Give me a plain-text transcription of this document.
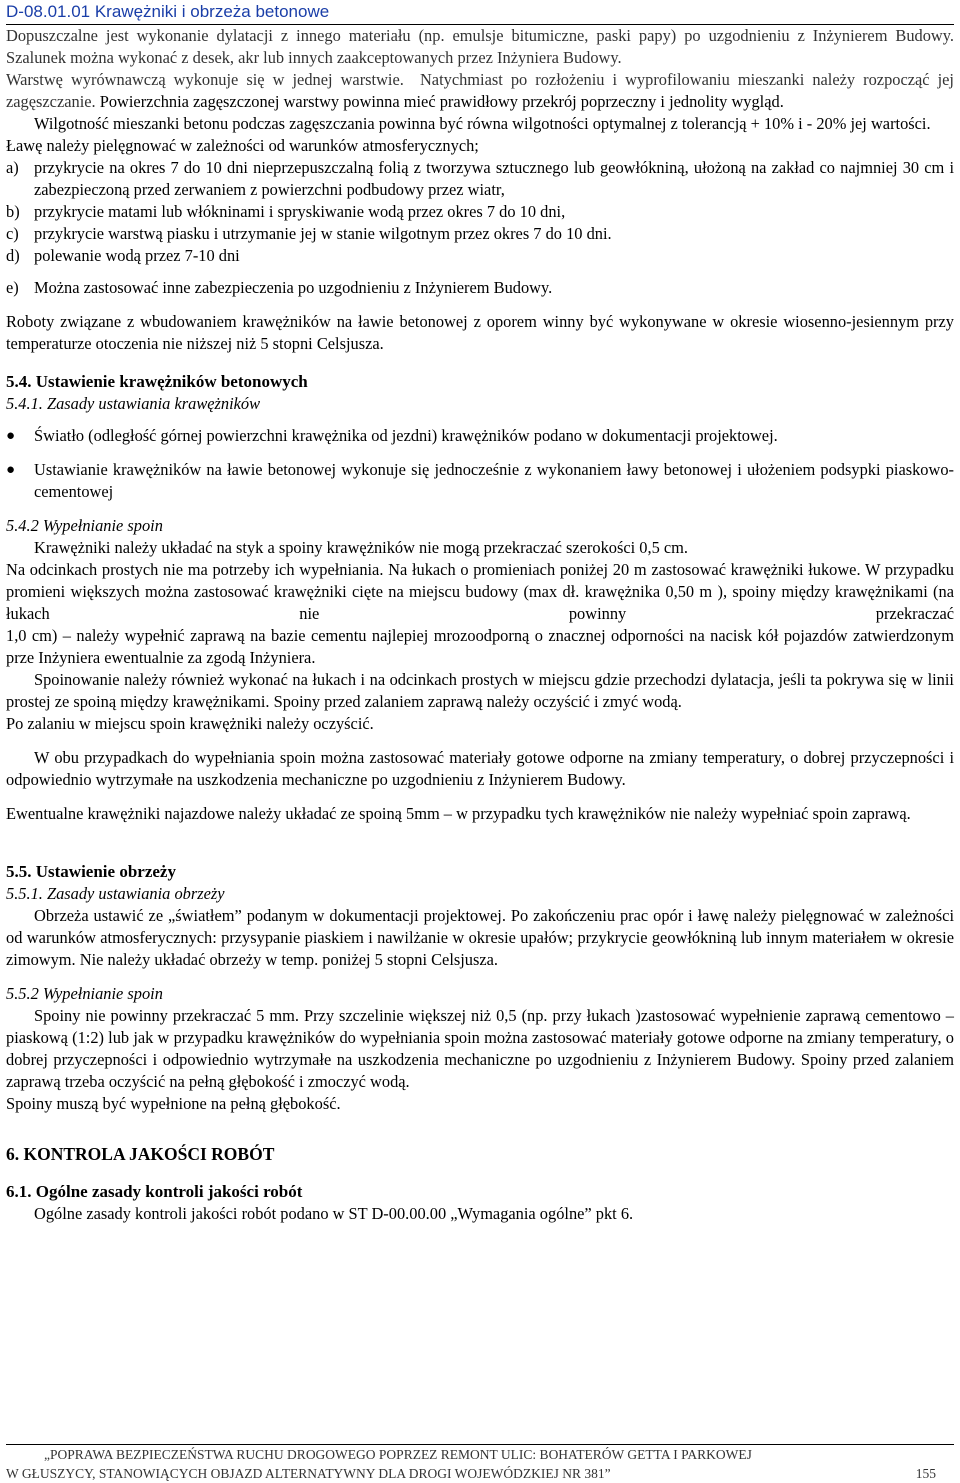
D-08.01.01 Krawężniki i obrzeża betonowe

Dopuszczalne jest wykonanie dylatacji z innego materiału (np. emulsje bitumiczne, paski papy) po uzgodnieniu z Inżynierem Budowy. Szalunek można wykonać z desek, akr lub innych zaakceptowanych przez Inżyniera Budowy.

Warstwę wyrównawczą wykonuje się w jednej warstwie. Natychmiast po rozłożeniu i wyprofilowaniu mieszanki należy rozpocząć jej zagęszczanie. Powierzchnia zagęszczonej warstwy powinna mieć prawidłowy przekrój poprzeczny i jednolity wygląd.

Wilgotność mieszanki betonu podczas zagęszczania powinna być równa wilgotności optymalnej z tolerancją + 10% i - 20% jej wartości.

Ławę należy pielęgnować w zależności od warunków atmosferycznych;

a) przykrycie na okres 7 do 10 dni nieprzepuszczalną folią z tworzywa sztucznego lub geowłókniną, ułożoną na zakład co najmniej 30 cm i zabezpieczoną przed zerwaniem z powierzchni podbudowy przez wiatr,
b) przykrycie matami lub włókninami i spryskiwanie wodą przez okres 7 do 10 dni,
c) przykrycie warstwą piasku i utrzymanie jej w stanie wilgotnym przez okres 7 do 10 dni.
d) polewanie wodą przez 7-10 dni
e) Można zastosować inne zabezpieczenia po uzgodnieniu z Inżynierem Budowy.

Roboty związane z wbudowaniem krawężników na ławie betonowej z oporem winny być wykonywane w okresie wiosenno-jesiennym przy temperaturze otoczenia nie niższej niż 5 stopni Celsjusza.

5.4. Ustawienie krawężników betonowych
5.4.1. Zasady ustawiania krawężników
●	Światło (odległość górnej powierzchni krawężnika od jezdni) krawężników podano w dokumentacji projektowej.
●	Ustawianie krawężników na ławie betonowej wykonuje się jednocześnie z wykonaniem ławy betonowej i ułożeniem podsypki piaskowo- cementowej
5.4.2 Wypełnianie spoin

Krawężniki należy układać na styk a spoiny krawężników nie mogą przekraczać szerokości 0,5 cm.

Na odcinkach prostych nie ma potrzeby ich wypełniania. Na łukach o promieniach poniżej 20 m zastosować krawężniki łukowe. W przypadku promieni większych można zastosować krawężniki cięte na miejscu budowy (max dł. krawężnika 0,50 m ), spoiny między krawężnikami (na łukach nie powinny przekraczać

1,0 cm) – należy wypełnić zaprawą na bazie cementu najlepiej mrozoodporną o znacznej odporności na nacisk kół pojazdów zatwierdzonym prze Inżyniera ewentualnie za zgodą Inżyniera.

Spoinowanie należy również wykonać na łukach i na odcinkach prostych w miejscu gdzie przechodzi dylatacja, jeśli ta pokrywa się w linii prostej ze spoiną między krawężnikami. Spoiny przed zalaniem zaprawą należy oczyścić i zmyć wodą.

Po zalaniu w miejscu spoin krawężniki należy oczyścić.

W obu przypadkach do wypełniania spoin można zastosować materiały gotowe odporne na zmiany temperatury, o dobrej przyczepności i odpowiednio wytrzymałe na uszkodzenia mechaniczne po uzgodnieniu z Inżynierem Budowy.

Ewentualne krawężniki najazdowe należy układać ze spoiną 5mm – w przypadku tych krawężników nie należy wypełniać spoin zaprawą.

5.5. Ustawienie obrzeży
5.5.1. Zasady ustawiania obrzeży

Obrzeża ustawić ze „światłem” podanym w dokumentacji projektowej. Po zakończeniu prac opór i ławę należy pielęgnować w zależności od warunków atmosferycznych: przysypanie piaskiem i nawilżanie w okresie upałów; przykrycie geowłókniną lub innym materiałem w okresie zimowym. Nie należy układać obrzeży w temp. poniżej 5 stopni Celsjusza.

5.5.2 Wypełnianie spoin

Spoiny nie powinny przekraczać 5 mm. Przy szczelinie większej niż 0,5 (np. przy łukach )zastosować wypełnienie zaprawą cementowo – piaskową (1:2) lub jak w przypadku krawężników do wypełniania spoin można zastosować materiały gotowe odporne na zmiany temperatury, o dobrej przyczepności i odpowiednio wytrzymałe na uszkodzenia mechaniczne po uzgodnieniu z Inżynierem Budowy. Spoiny przed zalaniem zaprawą trzeba oczyścić na pełną głębokość i zmoczyć wodą.

Spoiny muszą być wypełnione na pełną głębokość.

6. KONTROLA JAKOŚCI ROBÓT
6.1. Ogólne zasady kontroli jakości robót

Ogólne zasady kontroli jakości robót podano w ST D-00.00.00 „Wymagania ogólne” pkt 6.

„POPRAWA BEZPIECZEŃSTWA RUCHU DROGOWEGO POPRZEZ REMONT ULIC: BOHATERÓW GETTA I PARKOWEJ
W GŁUSZYCY, STANOWIĄCYCH OBJAZD ALTERNATYWNY DLA DROGI WOJEWÓDZKIEJ NR 381”	155
